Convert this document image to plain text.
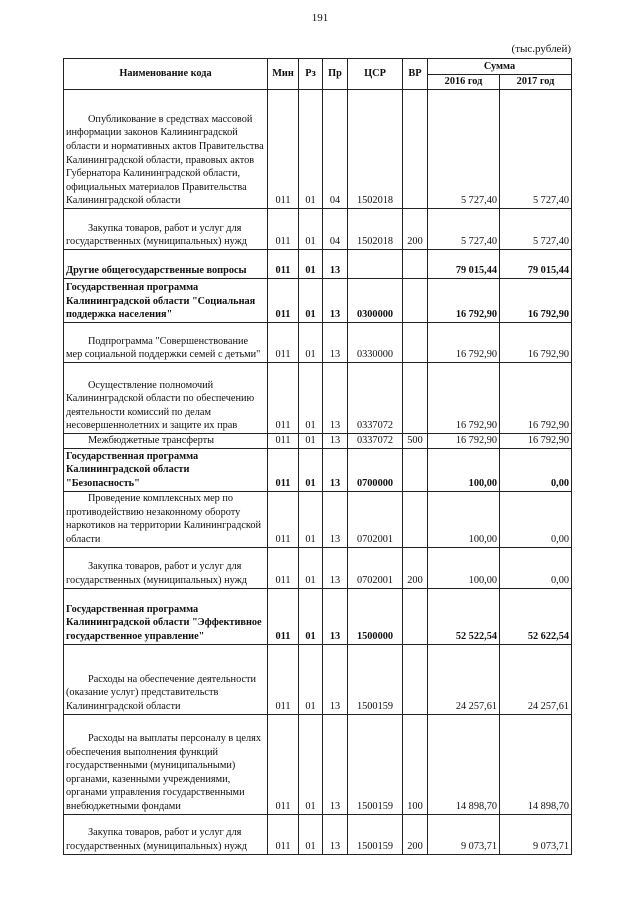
191
(тыс.рублей)
Наименование кода	Мин	Рз	Пр	ЦСР	ВР	Сумма	
						2016 год	2017 год
Опубликование в средствах массовой информации законов Калининградской области и нормативных актов Правительства Калининградской области, правовых актов Губернатора Калининградской области, официальных материалов Правительства Калининградской области	011	01	04	1502018		5 727,40	5 727,40
Закупка товаров, работ и услуг для государственных (муниципальных) нужд	011	01	04	1502018	200	5 727,40	5 727,40
Другие общегосударственные вопросы	011	01	13			79 015,44	79 015,44
Государственная программа Калининградской области "Социальная поддержка населения"	011	01	13	0300000		16 792,90	16 792,90
Подпрограмма "Совершенствование мер социальной поддержки семей с детьми"	011	01	13	0330000		16 792,90	16 792,90
Осуществление полномочий Калининградской области по обеспечению деятельности комиссий по делам несовершеннолетних и защите их прав	011	01	13	0337072		16 792,90	16 792,90
Межбюджетные трансферты	011	01	13	0337072	500	16 792,90	16 792,90
Государственная программа Калининградской области "Безопасность"	011	01	13	0700000		100,00	0,00
Проведение комплексных мер по противодействию незаконному обороту наркотиков на территории Калининградской области	011	01	13	0702001		100,00	0,00
Закупка товаров, работ и услуг для государственных (муниципальных) нужд	011	01	13	0702001	200	100,00	0,00
Государственная программа Калининградской области "Эффективное государственное управление"	011	01	13	1500000		52 522,54	52 622,54
Расходы на обеспечение деятельности (оказание услуг) представительств Калининградской области	011	01	13	1500159		24 257,61	24 257,61
Расходы на выплаты персоналу в целях обеспечения выполнения функций государственными (муниципальными) органами, казенными учреждениями, органами управления государственными внебюджетными фондами	011	01	13	1500159	100	14 898,70	14 898,70
Закупка товаров, работ и услуг для государственных (муниципальных) нужд	011	01	13	1500159	200	9 073,71	9 073,71
